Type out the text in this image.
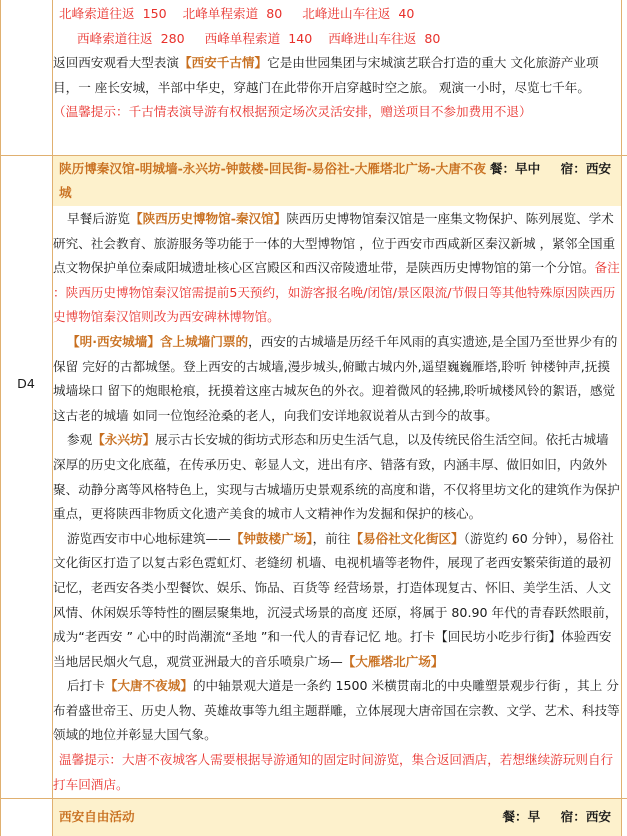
北峰索道往返  150    北峰单程索道  80     北峰进山车往返  40

西峰索道往返  280     西峰单程索道  140    西峰进山车往返  80

返回西安观看大型表演【西安千古情】它是由世园集团与宋城演艺联合打造的重大 文化旅游产业项目，一 座长安城，半部中华史，穿越门在此带你开启穿越时空之旅。 观演一小时，尽览七千年。

（温馨提示：千古情表演导游有权根据预定场次灵活安排，赠送项目不参加费用不退）

陕历博秦汉馆-明城墙-永兴坊-钟鼓楼-回民街-易俗社-大雁塔北广场-大唐不夜城
餐：早中 宿：西安
D4

早餐后游览【陕西历史博物馆-秦汉馆】陕西历史博物馆秦汉馆是一座集文物保护、陈列展览、学术研究、社会教育、旅游服务等功能于一体的大型博物馆 ，位于西安市西咸新区秦汉新城 ，紧邻全国重点文物保护单位秦咸阳城遗址核心区宫殿区和西汉帝陵遗址带，是陕西历史博物馆的第一个分馆。备注 ：陕西历史博物馆秦汉馆需提前5天预约，如游客报名晚/闭馆/景区限流/节假日等其他特殊原因陕西历史博物馆秦汉馆则改为西安碑林博物馆。

【明·西安城墙】含上城墙门票的，西安的古城墙是历经千年风雨的真实遗迹,是全国乃至世界少有的保留 完好的古都城堡。登上西安的古城墙,漫步城头,俯瞰古城内外,遥望巍巍雁塔,聆听 钟楼钟声,抚摸城墙垛口 留下的炮眼枪痕，抚摸着这座古城灰色的外衣。迎着微风的轻拂,聆听城楼风铃的絮语，感觉这古老的城墙 如同一位饱经沧桑的老人，向我们安详地叙说着从古到今的故事。

参观【永兴坊】展示古长安城的街坊式形态和历史生活气息，以及传统民俗生活空间。依托古城墙深厚的历史文化底蕴，在传承历史、彰显人文，进出有序、错落有致，内涵丰厚、做旧如旧，内敛外聚、动静分离等风格特色上，实现与古城墙历史景观系统的高度和谐，不仅将里坊文化的建筑作为保护重点，更将陕西非物质文化遗产美食的城市人文精神作为发掘和保护的核心。

游览西安市中心地标建筑——【钟鼓楼广场】，前往【易俗社文化街区】（游览约 60 分钟），易俗社文化街区打造了以复古彩色霓虹灯、老缝纫 机墙、电视机墙等老物件，展现了老西安繁荣街道的最初记忆，老西安各类小型餐饮、娱乐、饰品、百货等 经营场景，打造体现复古、怀旧、美学生活、人文风情、休闲娱乐等特性的圈层聚集地，沉浸式场景的高度 还原，将属于 80.90 年代的青春跃然眼前，成为“老西安 ” 心中的时尚潮流“圣地 ”和一代人的青春记忆 地。打卡【回民坊小吃步行街】体验西安当地居民烟火气息，观赏亚洲最大的音乐喷泉广场—【大雁塔北广场】

后打卡【大唐不夜城】的中轴景观大道是一条约 1500 米横贯南北的中央雕塑景观步行街 ，其上 分布着盛世帝王、历史人物、英雄故事等九组主题群雕，立体展现大唐帝国在宗教、文学、艺术、科技等领域的地位并彰显大国气象。

温馨提示：大唐不夜城客人需要根据导游通知的固定时间游览，集合返回酒店，若想继续游玩则自行打车回酒店。

西安自由活动	餐：早 宿：西安
